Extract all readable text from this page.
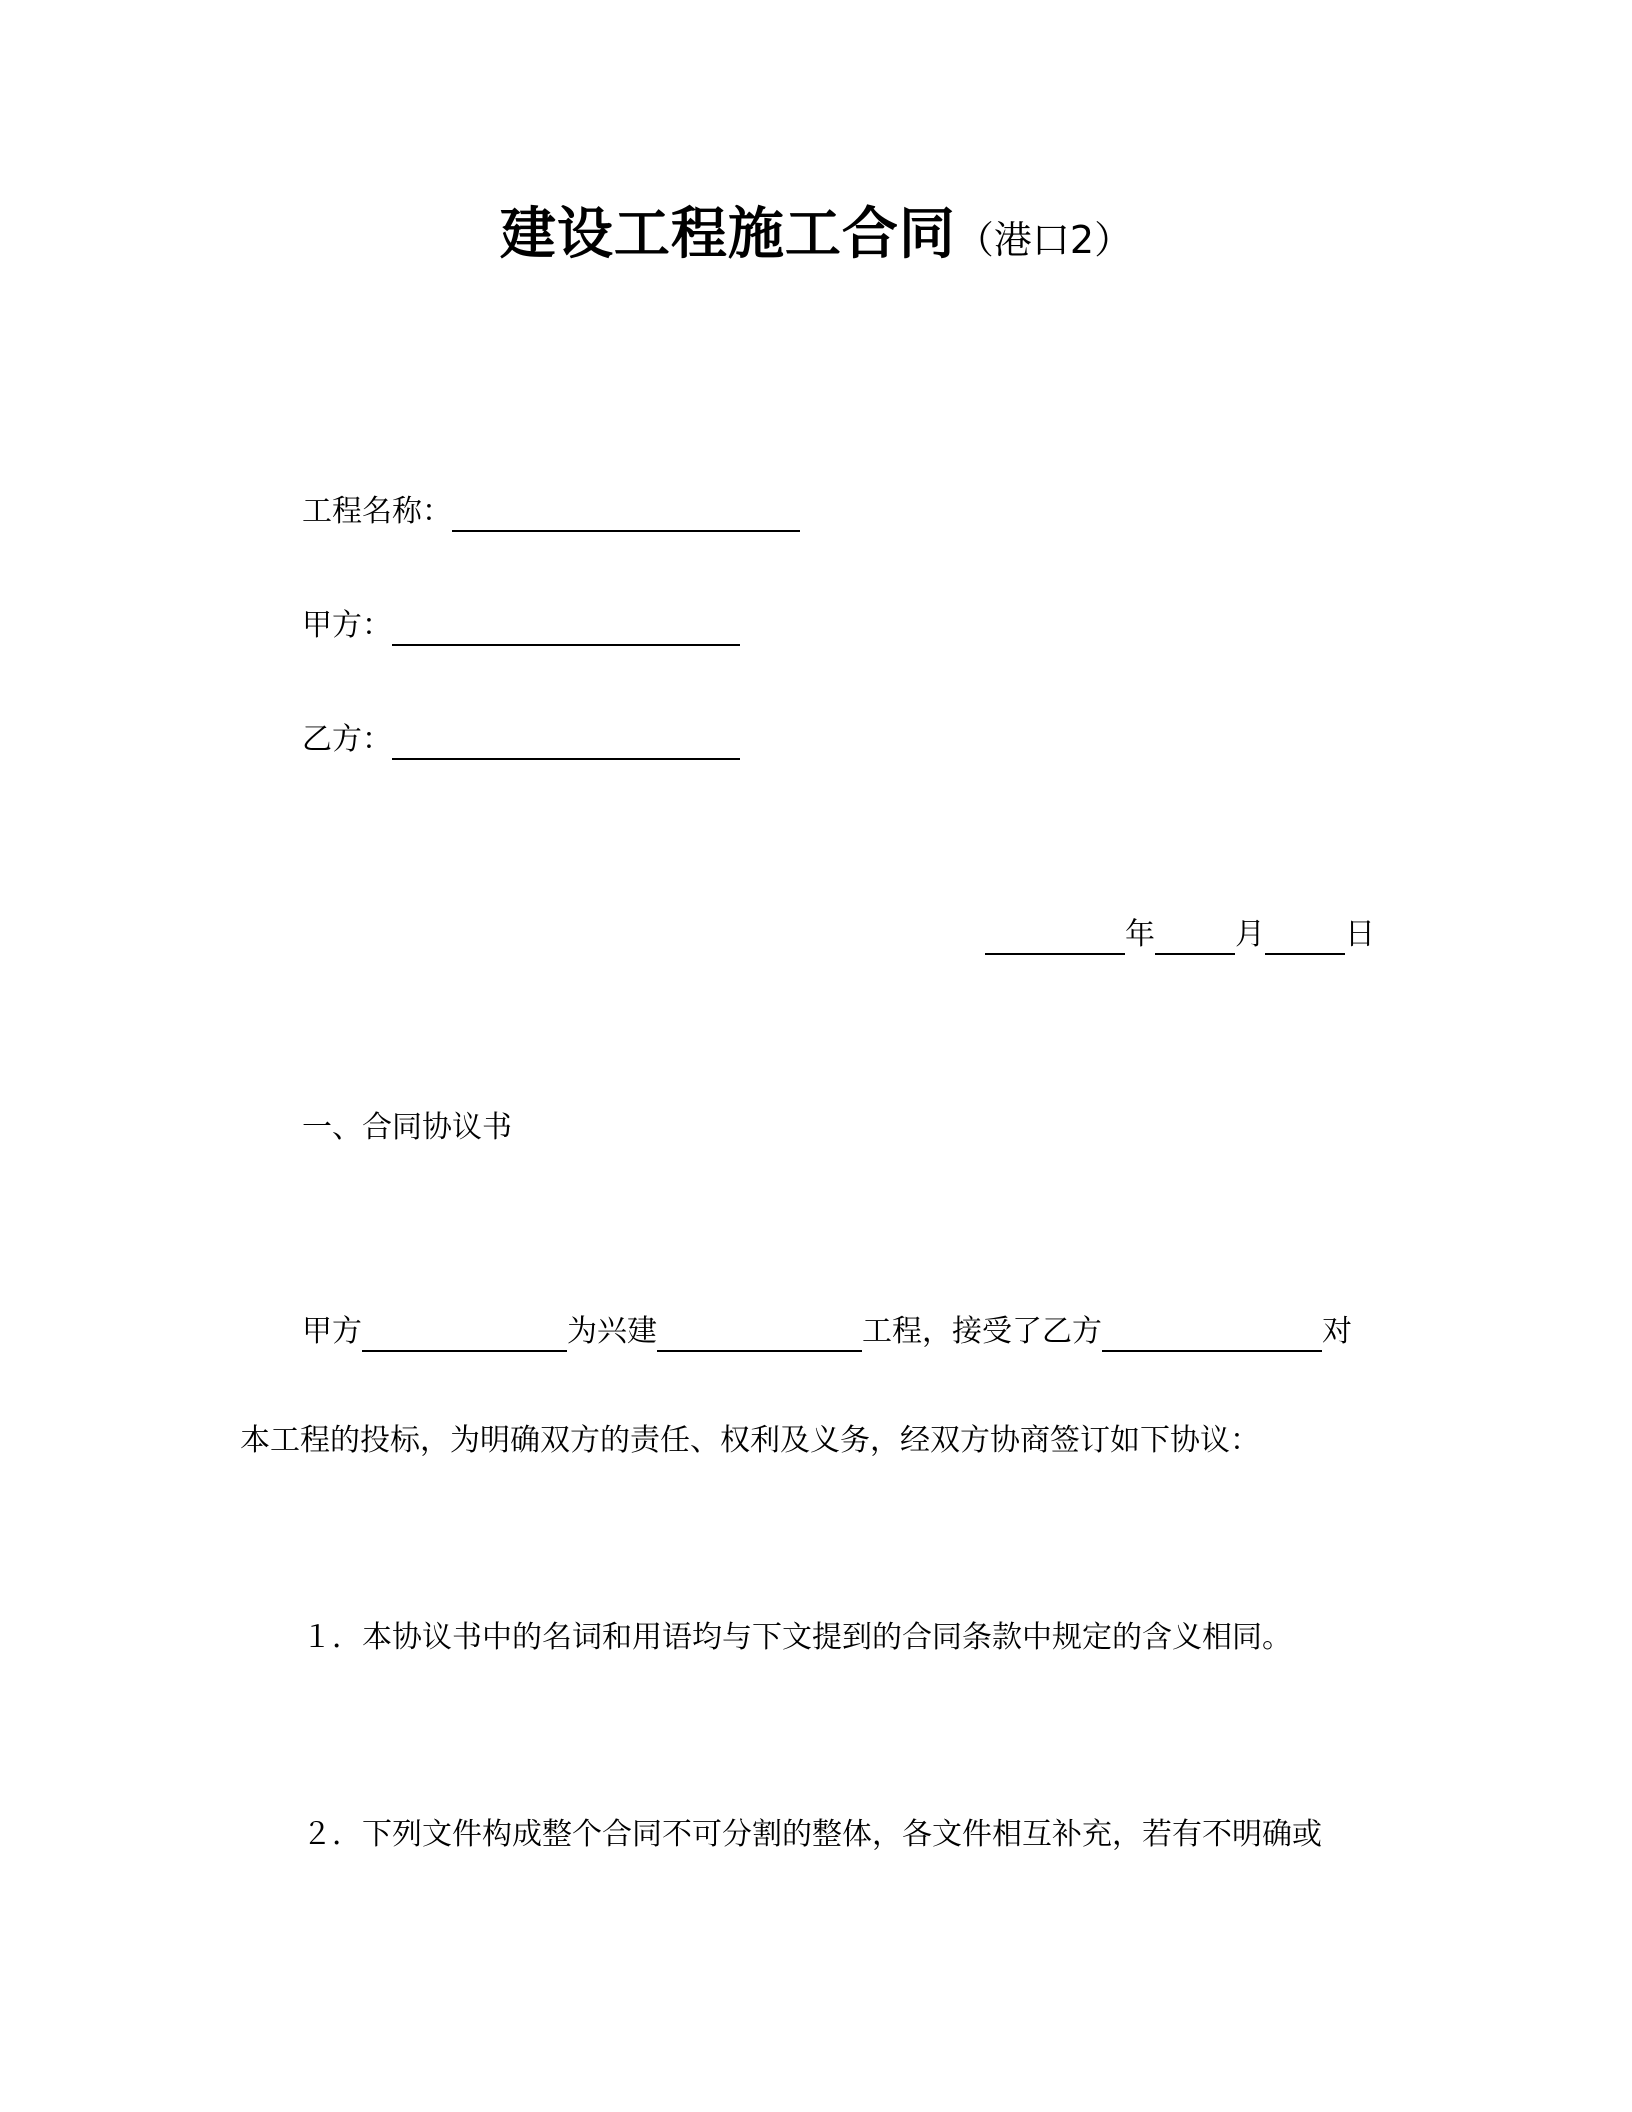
建设工程施工合同（港口2）
工程名称：
甲方：
乙方：
年	月	日
一、合同协议书
甲方	为兴建	工程，接受了乙方	对
本工程的投标，为明确双方的责任、权利及义务，经双方协商签订如下协议：
１．本协议书中的名词和用语均与下文提到的合同条款中规定的含义相同。
２．下列文件构成整个合同不可分割的整体，各文件相互补充，若有不明确或
